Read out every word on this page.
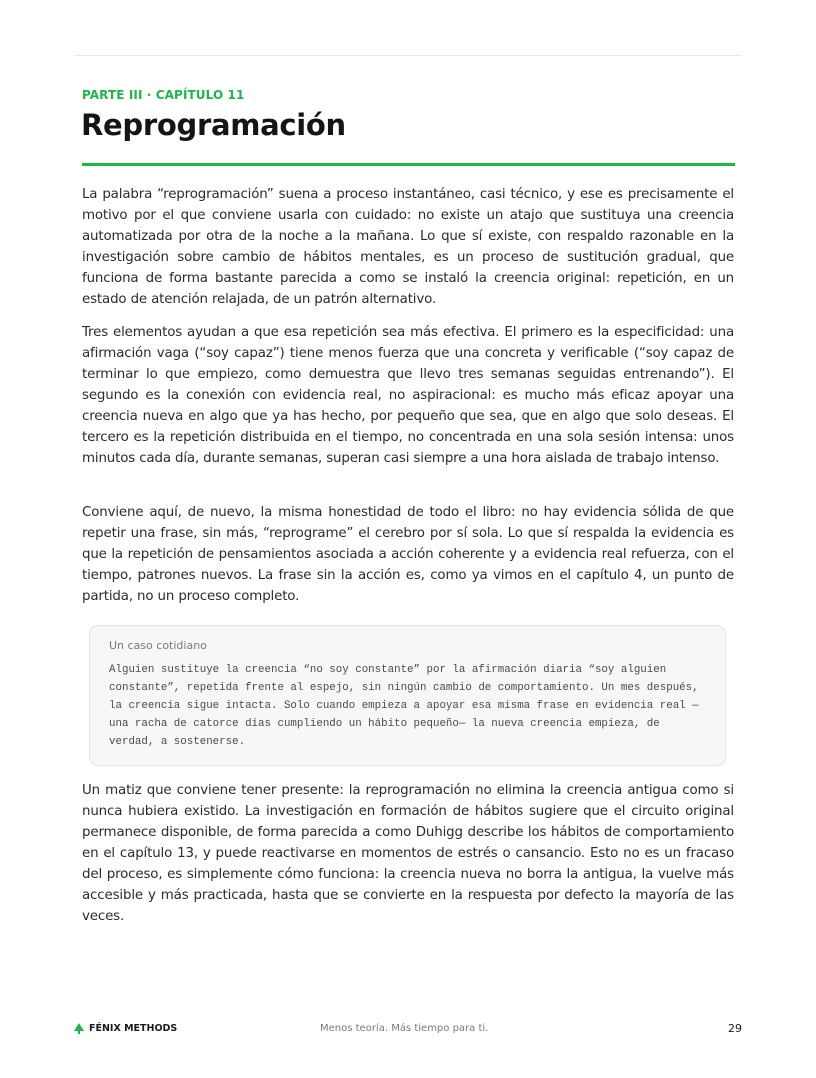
PARTE III · CAPÍTULO 11
Reprogramación

La palabra “reprogramación” suena a proceso instantáneo, casi técnico, y ese es precisamente el motivo por el que conviene usarla con cuidado: no existe un atajo que sustituya una creencia automatizada por otra de la noche a la mañana. Lo que sí existe, con respaldo razonable en la investigación sobre cambio de hábitos mentales, es un proceso de sustitución gradual, que funciona de forma bastante parecida a como se instaló la creencia original: repetición, en un estado de atención relajada, de un patrón alternativo.

Tres elementos ayudan a que esa repetición sea más efectiva. El primero es la especificidad: una afirmación vaga (“soy capaz”) tiene menos fuerza que una concreta y verificable (“soy capaz de terminar lo que empiezo, como demuestra que llevo tres semanas seguidas entrenando”). El segundo es la conexión con evidencia real, no aspiracional: es mucho más eficaz apoyar una creencia nueva en algo que ya has hecho, por pequeño que sea, que en algo que solo deseas. El tercero es la repetición distribuida en el tiempo, no concentrada en una sola sesión intensa: unos minutos cada día, durante semanas, superan casi siempre a una hora aislada de trabajo intenso.

Conviene aquí, de nuevo, la misma honestidad de todo el libro: no hay evidencia sólida de que repetir una frase, sin más, “reprograme” el cerebro por sí sola. Lo que sí respalda la evidencia es que la repetición de pensamientos asociada a acción coherente y a evidencia real refuerza, con el tiempo, patrones nuevos. La frase sin la acción es, como ya vimos en el capítulo 4, un punto de partida, no un proceso completo.

Un caso cotidiano

Alguien sustituye la creencia “no soy constante” por la afirmación diaria “soy alguien constante”, repetida frente al espejo, sin ningún cambio de comportamiento. Un mes después, la creencia sigue intacta. Solo cuando empieza a apoyar esa misma frase en evidencia real —una racha de catorce días cumpliendo un hábito pequeño— la nueva creencia empieza, de verdad, a sostenerse.

Un matiz que conviene tener presente: la reprogramación no elimina la creencia antigua como si nunca hubiera existido. La investigación en formación de hábitos sugiere que el circuito original permanece disponible, de forma parecida a como Duhigg describe los hábitos de comportamiento en el capítulo 13, y puede reactivarse en momentos de estrés o cansancio. Esto no es un fracaso del proceso, es simplemente cómo funciona: la creencia nueva no borra la antigua, la vuelve más accesible y más practicada, hasta que se convierte en la respuesta por defecto la mayoría de las veces.

FÉNIX METHODS	Menos teoría. Más tiempo para ti.	29
